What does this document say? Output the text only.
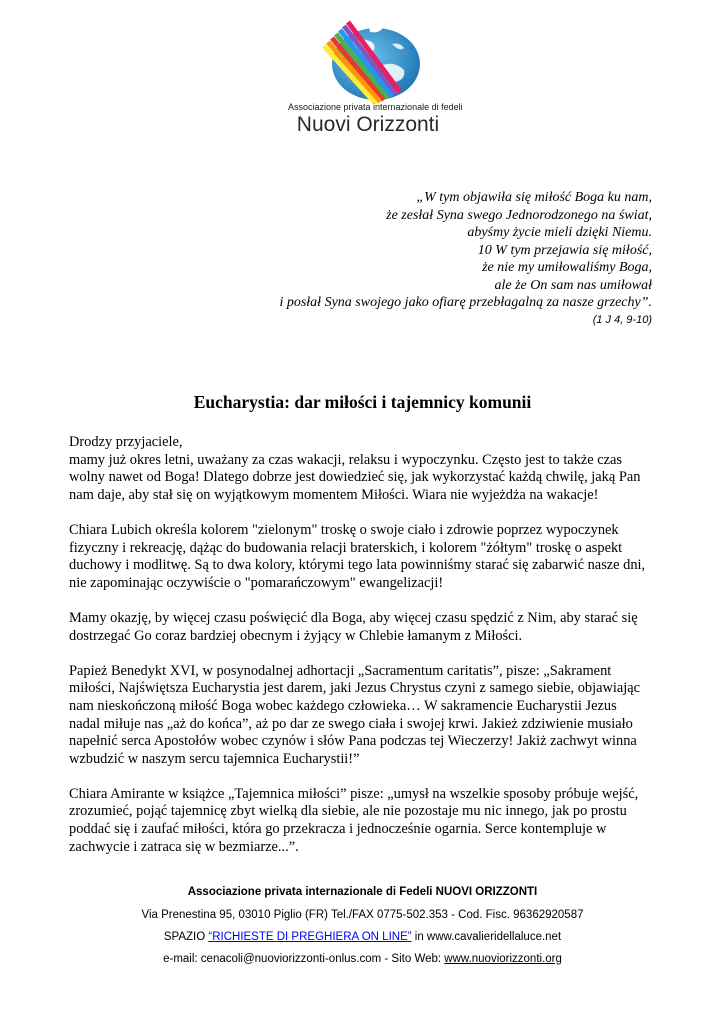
Associazione privata internazionale di fedeli
Nuovi Orizzonti
„W tym objawiła się miłość Boga ku nam,
że zesłał Syna swego Jednorodzonego na świat,
abyśmy życie mieli dzięki Niemu.
10 W tym przejawia się miłość,
że nie my umiłowaliśmy Boga,
ale że On sam nas umiłował
i posłał Syna swojego jako ofiarę przebłagalną za nasze grzechy”.
(1 J 4, 9-10)
Eucharystia: dar miłości i tajemnicy komunii
Drodzy przyjaciele,
mamy już okres letni, uważany za czas wakacji, relaksu i wypoczynku. Często jest to także czas
wolny nawet od Boga! Dlatego dobrze jest dowiedzieć się, jak wykorzystać każdą chwilę, jaką Pan
nam daje, aby stał się on wyjątkowym momentem Miłości. Wiara nie wyjeżdża na wakacje!
Chiara Lubich określa kolorem "zielonym" troskę o swoje ciało i zdrowie poprzez wypoczynek
fizyczny i rekreację, dążąc do budowania relacji braterskich, i kolorem "żółtym" troskę o aspekt
duchowy i modlitwę. Są to dwa kolory, którymi tego lata powinniśmy starać się zabarwić nasze dni,
nie zapominając oczywiście o "pomarańczowym" ewangelizacji!
Mamy okazję, by więcej czasu poświęcić dla Boga, aby więcej czasu spędzić z Nim, aby starać się
dostrzegać Go coraz bardziej obecnym i żyjący w Chlebie łamanym z Miłości.
Papież Benedykt XVI, w posynodalnej adhortacji „Sacramentum caritatis”, pisze: „Sakrament
miłości, Najświętsza Eucharystia jest darem, jaki Jezus Chrystus czyni z samego siebie, objawiając
nam nieskończoną miłość Boga wobec każdego człowieka… W sakramencie Eucharystii Jezus
nadal miłuje nas „aż do końca”, aż po dar ze swego ciała i swojej krwi. Jakież zdziwienie musiało
napełnić serca Apostołów wobec czynów i słów Pana podczas tej Wieczerzy! Jakiż zachwyt winna
wzbudzić w naszym sercu tajemnica Eucharystii!”
Chiara Amirante w książce „Tajemnica miłości” pisze: „umysł na wszelkie sposoby próbuje wejść,
zrozumieć, pojąć tajemnicę zbyt wielką dla siebie, ale nie pozostaje mu nic innego, jak po prostu
poddać się i zaufać miłości, która go przekracza i jednocześnie ogarnia. Serce kontempluje w
zachwycie i zatraca się w bezmiarze...”.
Associazione privata internazionale di Fedeli NUOVI ORIZZONTI
Via Prenestina 95, 03010 Piglio (FR) Tel./FAX 0775-502.353 - Cod. Fisc. 96362920587
SPAZIO “RICHIESTE DI PREGHIERA ON LINE” in www.cavalieridellaluce.net
e-mail: cenacoli@nuoviorizzonti-onlus.com - Sito Web: www.nuoviorizzonti.org
